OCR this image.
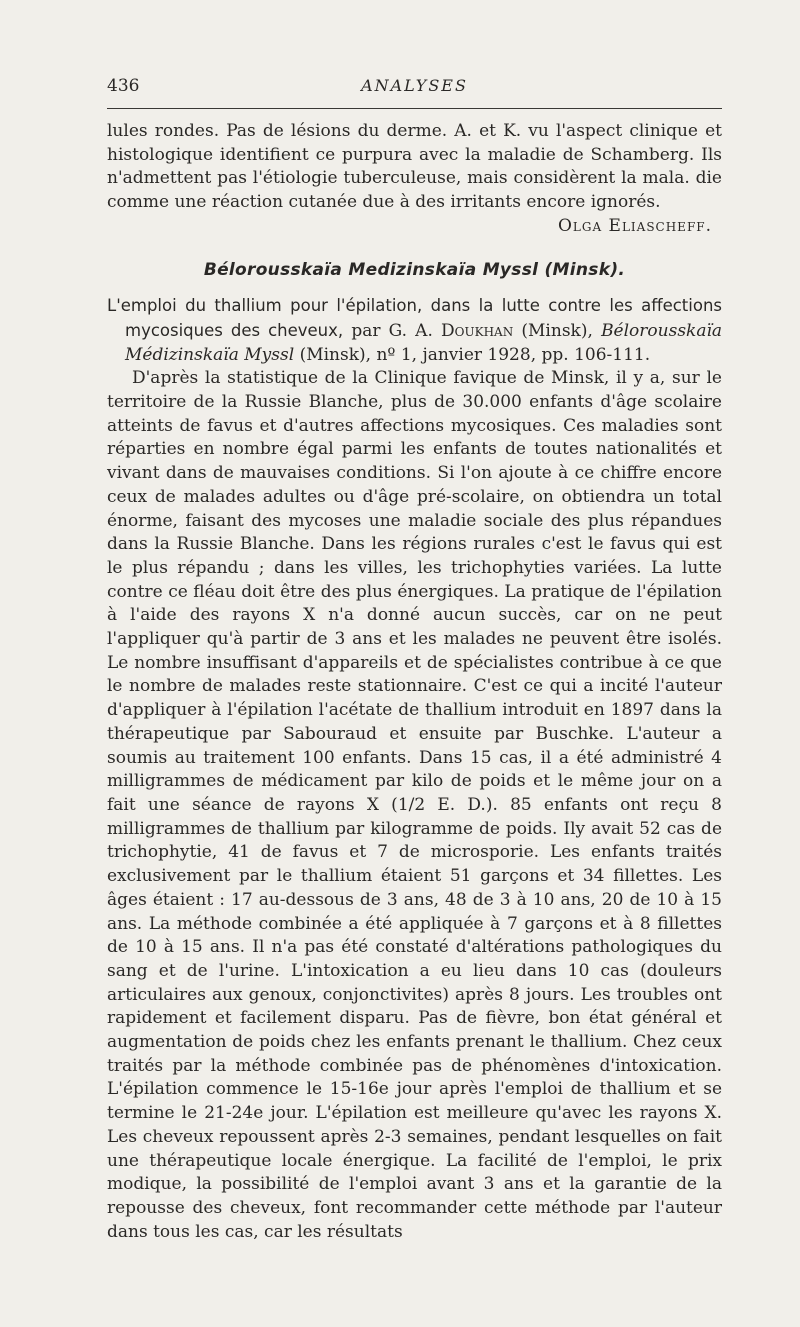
436	ANALYSES

lules rondes. Pas de lésions du derme. A. et K. vu l'aspect clinique et histologique identifient ce purpura avec la maladie de Schamberg. Ils n'admettent pas l'étiologie tuberculeuse, mais considèrent la mala. die comme une réaction cutanée due à des irritants encore ignorés.

Olga Eliascheff.

Bélorousskaïa Medizinskaïa Myssl (Minsk).

L'emploi du thallium pour l'épilation, dans la lutte contre les affections mycosiques des cheveux, par G. A. Doukhan (Minsk), Bélorousskaïa Médizinskaïa Myssl (Minsk), nº 1, janvier 1928, pp. 106-111.

D'après la statistique de la Clinique favique de Minsk, il y a, sur le territoire de la Russie Blanche, plus de 30.000 enfants d'âge scolaire atteints de favus et d'autres affections mycosiques. Ces maladies sont réparties en nombre égal parmi les enfants de toutes nationalités et vivant dans de mauvaises conditions. Si l'on ajoute à ce chiffre encore ceux de malades adultes ou d'âge pré-scolaire, on obtiendra un total énorme, faisant des mycoses une maladie sociale des plus répandues dans la Russie Blanche. Dans les régions rurales c'est le favus qui est le plus répandu ; dans les villes, les trichophyties variées. La lutte contre ce fléau doit être des plus énergiques. La pratique de l'épilation à l'aide des rayons X n'a donné aucun succès, car on ne peut l'appliquer qu'à partir de 3 ans et les malades ne peuvent être isolés. Le nombre insuffisant d'appareils et de spécialistes contribue à ce que le nombre de malades reste stationnaire. C'est ce qui a incité l'auteur d'appliquer à l'épilation l'acétate de thallium introduit en 1897 dans la thérapeutique par Sabouraud et ensuite par Buschke. L'auteur a soumis au traitement 100 enfants. Dans 15 cas, il a été administré 4 milligrammes de médicament par kilo de poids et le même jour on a fait une séance de rayons X (1/2 E. D.). 85 enfants ont reçu 8 milligrammes de thallium par kilogramme de poids. Ily avait 52 cas de trichophytie, 41 de favus et 7 de microsporie. Les enfants traités exclusivement par le thallium étaient 51 garçons et 34 fillettes. Les âges étaient : 17 au-dessous de 3 ans, 48 de 3 à 10 ans, 20 de 10 à 15 ans. La méthode combinée a été appliquée à 7 garçons et à 8 fillettes de 10 à 15 ans. Il n'a pas été constaté d'altérations pathologiques du sang et de l'urine. L'intoxication a eu lieu dans 10 cas (douleurs articulaires aux genoux, conjonctivites) après 8 jours. Les troubles ont rapidement et facilement disparu. Pas de fièvre, bon état général et augmentation de poids chez les enfants prenant le thallium. Chez ceux traités par la méthode combinée pas de phénomènes d'intoxication. L'épilation commence le 15-16e jour après l'emploi de thallium et se termine le 21-24e jour. L'épilation est meilleure qu'avec les rayons X. Les cheveux repoussent après 2-3 semaines, pendant lesquelles on fait une thérapeutique locale énergique. La facilité de l'emploi, le prix modique, la possibilité de l'emploi avant 3 ans et la garantie de la repousse des cheveux, font recommander cette méthode par l'auteur dans tous les cas, car les résultats
